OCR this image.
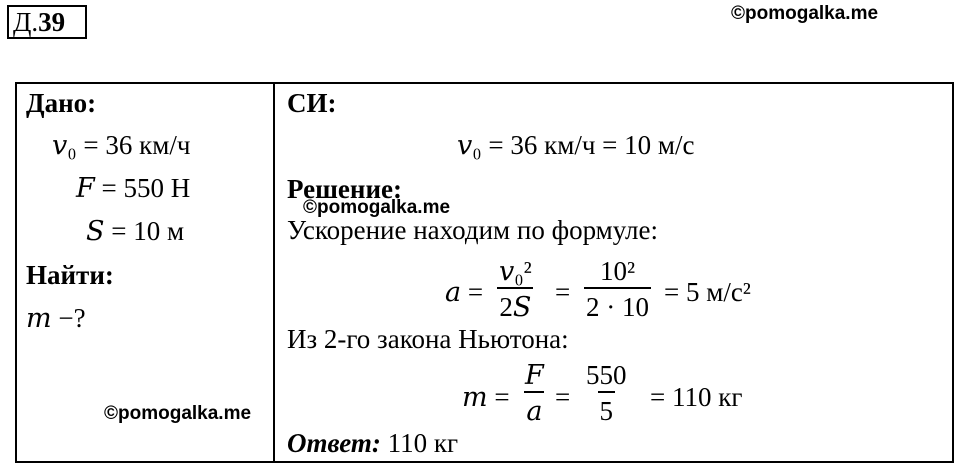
Д.39	©pomogalka.me
Дано:
𝑣₀ = 36 км/ч
𝐹 = 550 Н
𝑆 = 10 м
Найти:
𝑚 −?
©pomogalka.me
СИ:
𝑣₀ = 36 км/ч = 10 м/с
Решение:
©pomogalka.me
Ускорение находим по формуле:
𝑎 =
𝑣₀²
2𝑆 = $\frac{\text{10²}}{2 \cdot 10} = 5$ м/с²
Из 2-го закона Ньютона:
𝑚 =
𝐹
𝑎 = $\frac{550}{5} = 110$ кг
Ответ: 110 кг
